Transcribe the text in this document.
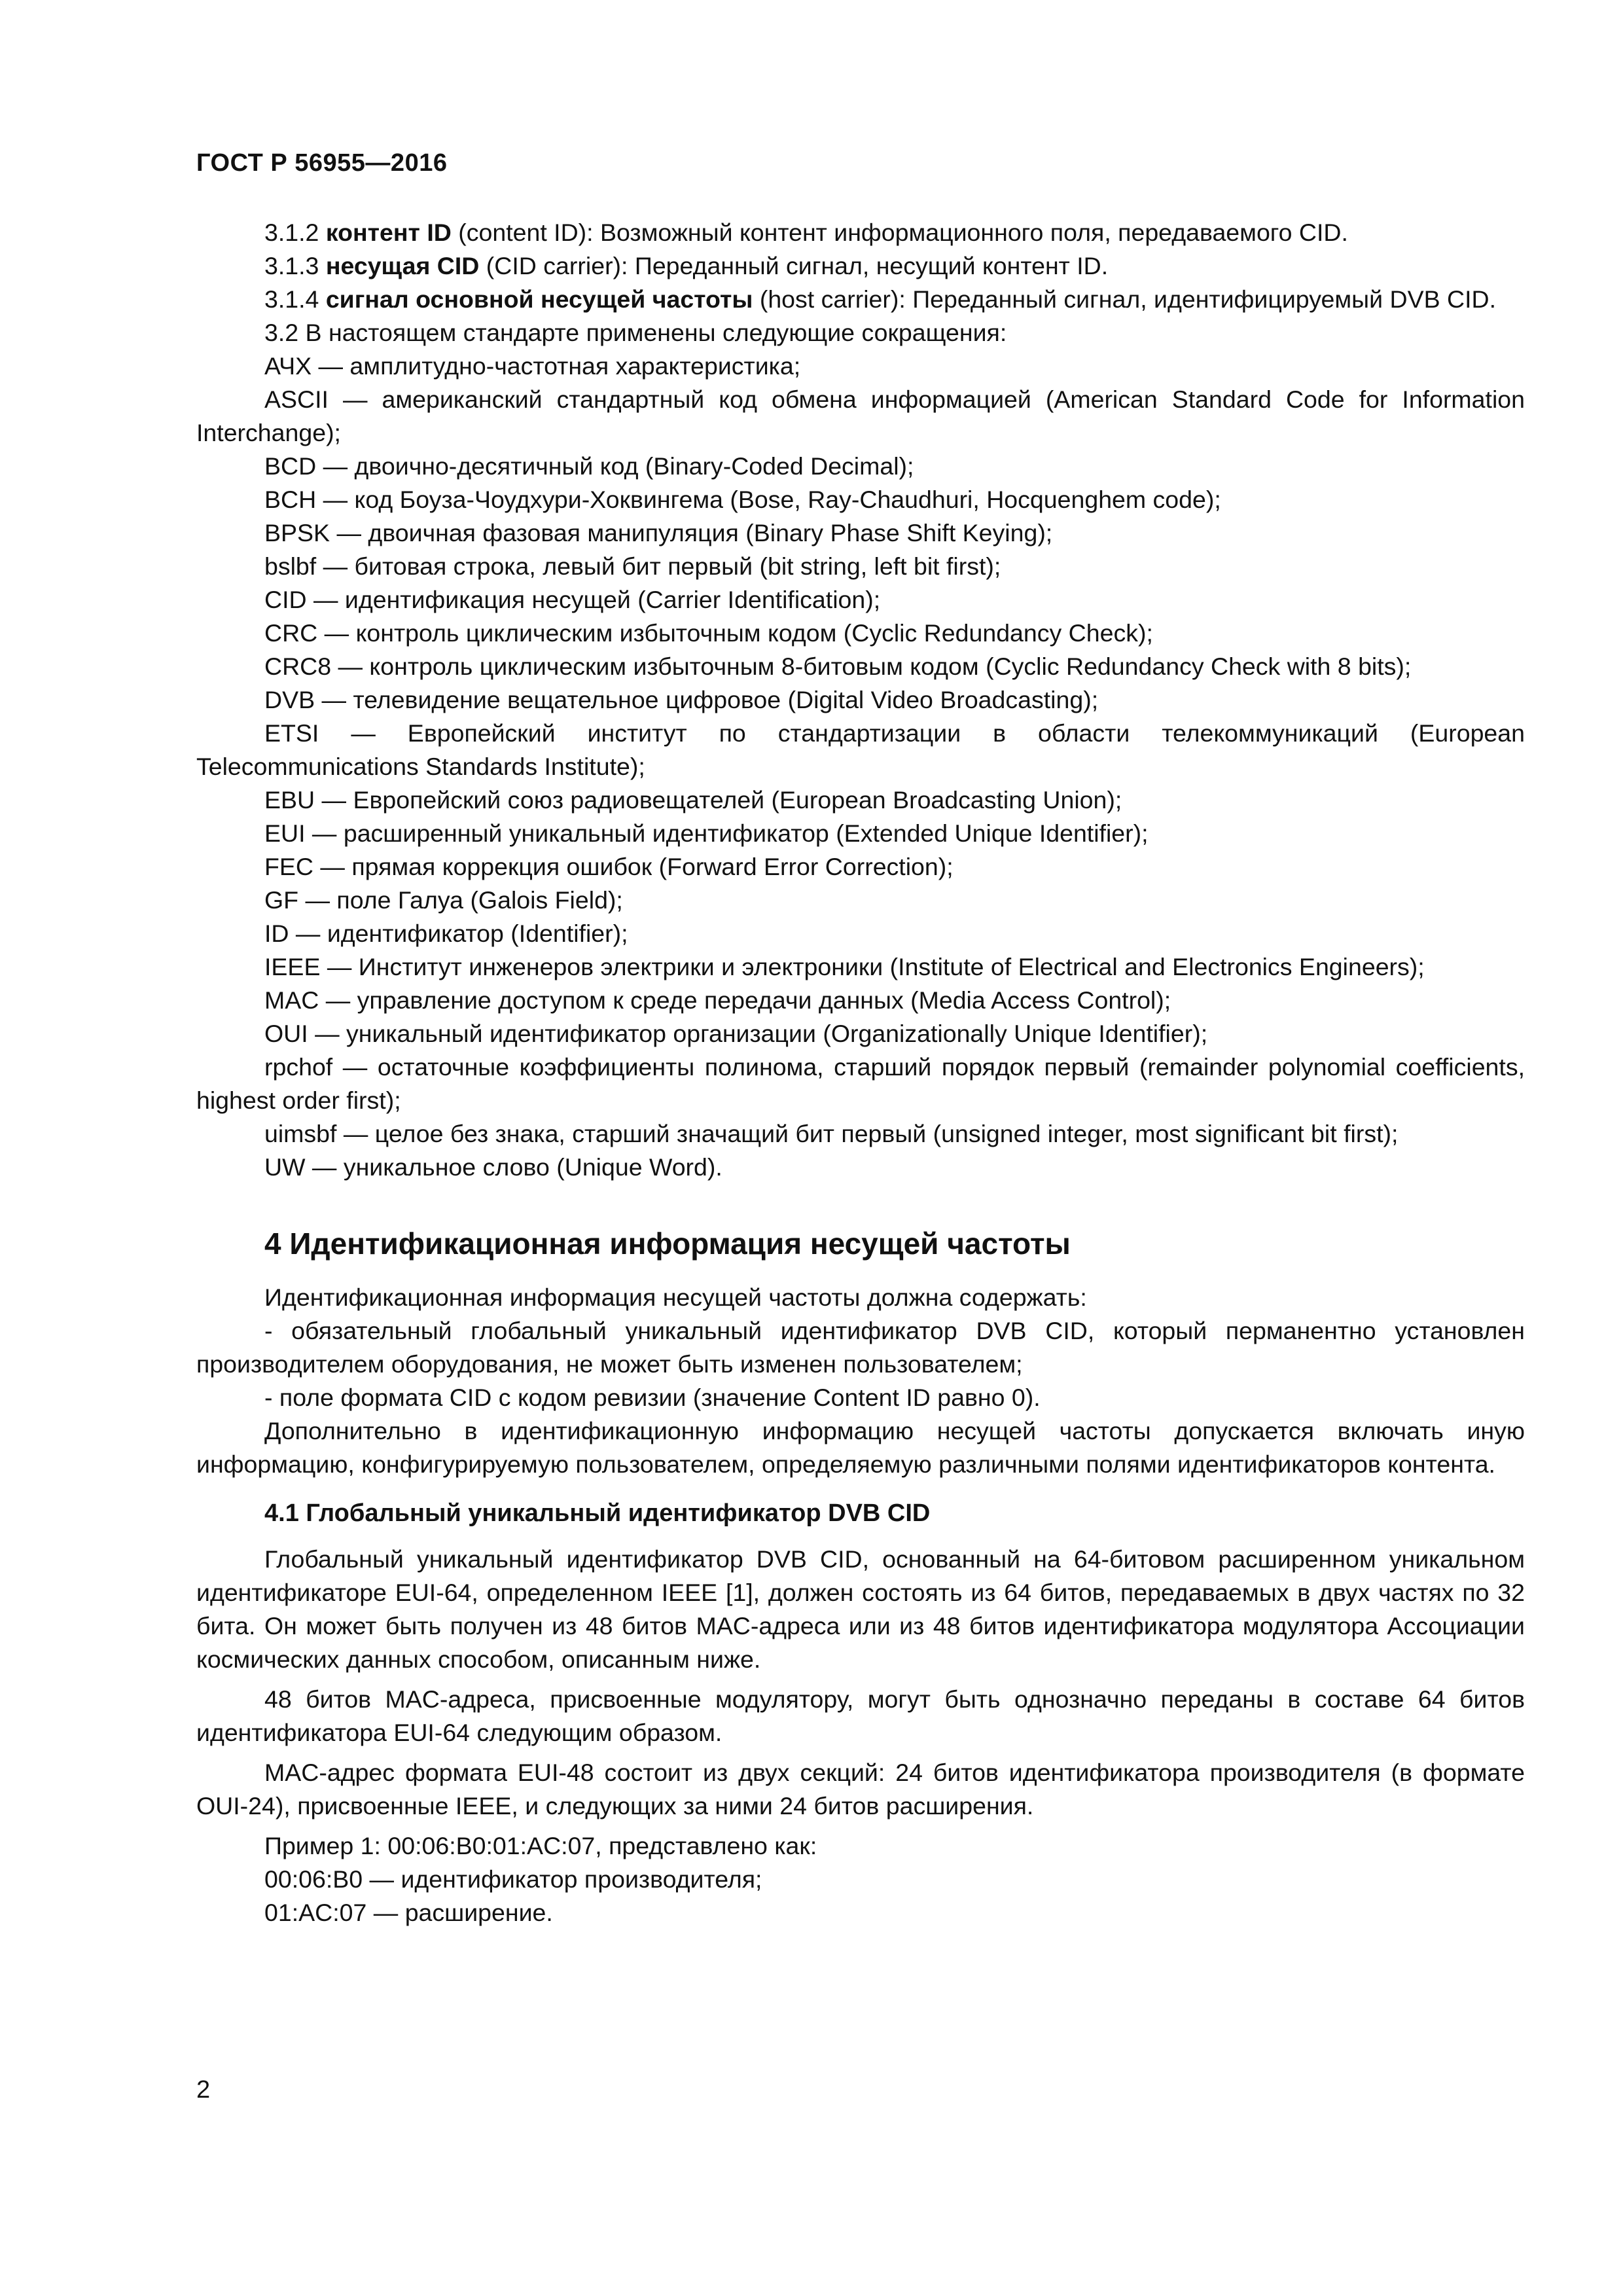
ГОСТ Р 56955—2016

3.1.2 контент ID (content ID): Возможный контент информационного поля, передаваемого CID.

3.1.3 несущая CID (CID carrier): Переданный сигнал, несущий контент ID.

3.1.4 сигнал основной несущей частоты (host carrier): Переданный сигнал, идентифицируемый DVB CID.

3.2 В настоящем стандарте применены следующие сокращения:

АЧХ — амплитудно-частотная характеристика;

ASCII — американский стандартный код обмена информацией (American Standard Code for Information Interchange);

BCD — двоично-десятичный код (Binary-Coded Decimal);

BCH — код Боуза-Чоудхури-Хоквингема (Bose, Ray-Chaudhuri, Hocquenghem code);

BPSK — двоичная фазовая манипуляция (Binary Phase Shift Keying);

bslbf — битовая строка, левый бит первый (bit string, left bit first);

CID — идентификация несущей (Carrier Identification);

CRC — контроль циклическим избыточным кодом (Cyclic Redundancy Check);

CRC8 — контроль циклическим избыточным 8-битовым кодом (Cyclic Redundancy Check with 8 bits);

DVB — телевидение вещательное цифровое (Digital Video Broadcasting);

ETSI — Европейский институт по стандартизации в области телекоммуникаций (European Telecommunications Standards Institute);

EBU — Европейский союз радиовещателей (European Broadcasting Union);

EUI — расширенный уникальный идентификатор (Extended Unique Identifier);

FEC — прямая коррекция ошибок (Forward Error Correction);

GF — поле Галуа (Galois Field);

ID — идентификатор (Identifier);

IEEE — Институт инженеров электрики и электроники (Institute of Electrical and Electronics Engineers);

MAC — управление доступом к среде передачи данных (Media Access Control);

OUI — уникальный идентификатор организации (Organizationally Unique Identifier);

rpchof — остаточные коэффициенты полинома, старший порядок первый (remainder polynomial coefficients, highest order first);

uimsbf — целое без знака, старший значащий бит первый (unsigned integer, most significant bit first);

UW — уникальное слово (Unique Word).

4 Идентификационная информация несущей частоты

Идентификационная информация несущей частоты должна содержать:

- обязательный глобальный уникальный идентификатор DVB CID, который перманентно установлен производителем оборудования, не может быть изменен пользователем;

- поле формата CID с кодом ревизии (значение Content ID равно 0).

Дополнительно в идентификационную информацию несущей частоты допускается включать иную информацию, конфигурируемую пользователем, определяемую различными полями идентификаторов контента.

4.1 Глобальный уникальный идентификатор DVB CID

Глобальный уникальный идентификатор DVB CID, основанный на 64-битовом расширенном уникальном идентификаторе EUI-64, определенном IEEE [1], должен состоять из 64 битов, передаваемых в двух частях по 32 бита. Он может быть получен из 48 битов MAC-адреса или из 48 битов идентификатора модулятора Ассоциации космических данных способом, описанным ниже.

48 битов MAC-адреса, присвоенные модулятору, могут быть однозначно переданы в составе 64 битов идентификатора EUI-64 следующим образом.

MAC-адрес формата EUI-48 состоит из двух секций: 24 битов идентификатора производителя (в формате OUI-24), присвоенные IEEE, и следующих за ними 24 битов расширения.

Пример 1: 00:06:B0:01:AC:07, представлено как:

00:06:B0 — идентификатор производителя;

01:AC:07 — расширение.

2
